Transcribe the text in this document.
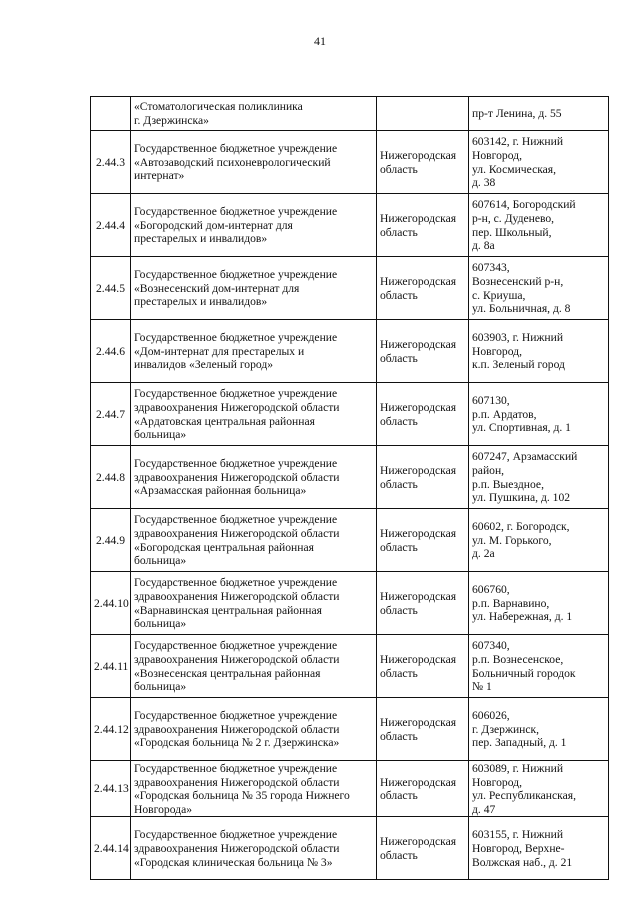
41

	«Стоматологическая поликлиника
г. Дзержинска»		пр-т Ленина, д. 55

2.44.3	Государственное бюджетное учреждение
«Автозаводский психоневрологический
интернат»	Нижегородская
область	603142, г. Нижний
Новгород,
ул. Космическая,
д. 38

2.44.4	Государственное бюджетное учреждение
«Богородский дом-интернат для
престарелых и инвалидов»	Нижегородская
область	607614, Богородский
р-н, с. Дуденево,
пер. Школьный,
д. 8а

2.44.5	Государственное бюджетное учреждение
«Вознесенский дом-интернат для
престарелых и инвалидов»	Нижегородская
область	607343,
Вознесенский р-н,
с. Криуша,
ул. Больничная, д. 8

2.44.6	Государственное бюджетное учреждение
«Дом-интернат для престарелых и
инвалидов «Зеленый город»	Нижегородская
область	603903, г. Нижний
Новгород,
к.п. Зеленый город

2.44.7	Государственное бюджетное учреждение
здравоохранения Нижегородской области
«Ардатовская центральная районная
больница»	Нижегородская
область	607130,
р.п. Ардатов,
ул. Спортивная, д. 1

2.44.8	Государственное бюджетное учреждение
здравоохранения Нижегородской области
«Арзамасская районная больница»	Нижегородская
область	607247, Арзамасский
район,
р.п. Выездное,
ул. Пушкина, д. 102

2.44.9	Государственное бюджетное учреждение
здравоохранения Нижегородской области
«Богородская центральная районная
больница»	Нижегородская
область	60602, г. Богородск,
ул. М. Горького,
д. 2а

2.44.10	Государственное бюджетное учреждение
здравоохранения Нижегородской области
«Варнавинская центральная районная
больница»	Нижегородская
область	606760,
р.п. Варнавино,
ул. Набережная, д. 1

2.44.11	Государственное бюджетное учреждение
здравоохранения Нижегородской области
«Вознесенская центральная районная
больница»	Нижегородская
область	607340,
р.п. Вознесенское,
Больничный городок
№ 1

2.44.12	Государственное бюджетное учреждение
здравоохранения Нижегородской области
«Городская больница № 2 г. Дзержинска»	Нижегородская
область	606026,
г. Дзержинск,
пер. Западный, д. 1

2.44.13	Государственное бюджетное учреждение
здравоохранения Нижегородской области
«Городская больница № 35 города Нижнего
Новгорода»	Нижегородская
область	603089, г. Нижний
Новгород,
ул. Республиканская,
д. 47

2.44.14	Государственное бюджетное учреждение
здравоохранения Нижегородской области
«Городская клиническая больница № 3»	Нижегородская
область	603155, г. Нижний
Новгород, Верхне-
Волжская наб., д. 21
